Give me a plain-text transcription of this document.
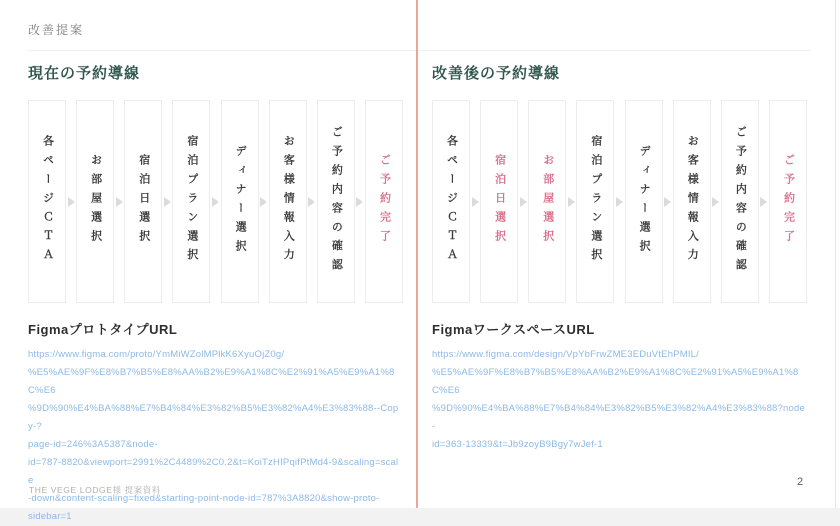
改善提案
現在の予約導線
各ページＣＴＡ	お部屋選択	宿泊日選択	宿泊プラン選択	ディナー選択	お客様情報入力	ご予約内容の確認	ご予約完了
FigmaプロトタイプURL
https://www.figma.com/proto/YmMiWZolMPlkK6XyuOjZ0g/
%E5%AE%9F%E8%B7%B5%E8%AA%B2%E9%A1%8C%E2%91%A5%E9%A1%8C%E6
%9D%90%E4%BA%88%E7%B4%84%E3%82%B5%E3%82%A4%E3%83%88--Copy-?
page-id=246%3A5387&node-
id=787-8820&viewport=2991%2C4489%2C0.2&t=KoiTzHIPqifPtMd4-9&scaling=scale
-down&content-scaling=fixed&starting-point-node-id=787%3A8820&show-proto-
sidebar=1
改善後の予約導線
各ページＣＴＡ	宿泊日選択	お部屋選択	宿泊プラン選択	ディナー選択	お客様情報入力	ご予約内容の確認	ご予約完了
FigmaワークスペースURL
https://www.figma.com/design/VpYbFrwZME3EDuVtEhPMIL/
%E5%AE%9F%E8%B7%B5%E8%AA%B2%E9%A1%8C%E2%91%A5%E9%A1%8C%E6
%9D%90%E4%BA%88%E7%B4%84%E3%82%B5%E3%82%A4%E3%83%88?node-
id=363-13339&t=Jb9zoyB9Bgy7wJef-1
THE VEGE LODGE様 提案資料
2
